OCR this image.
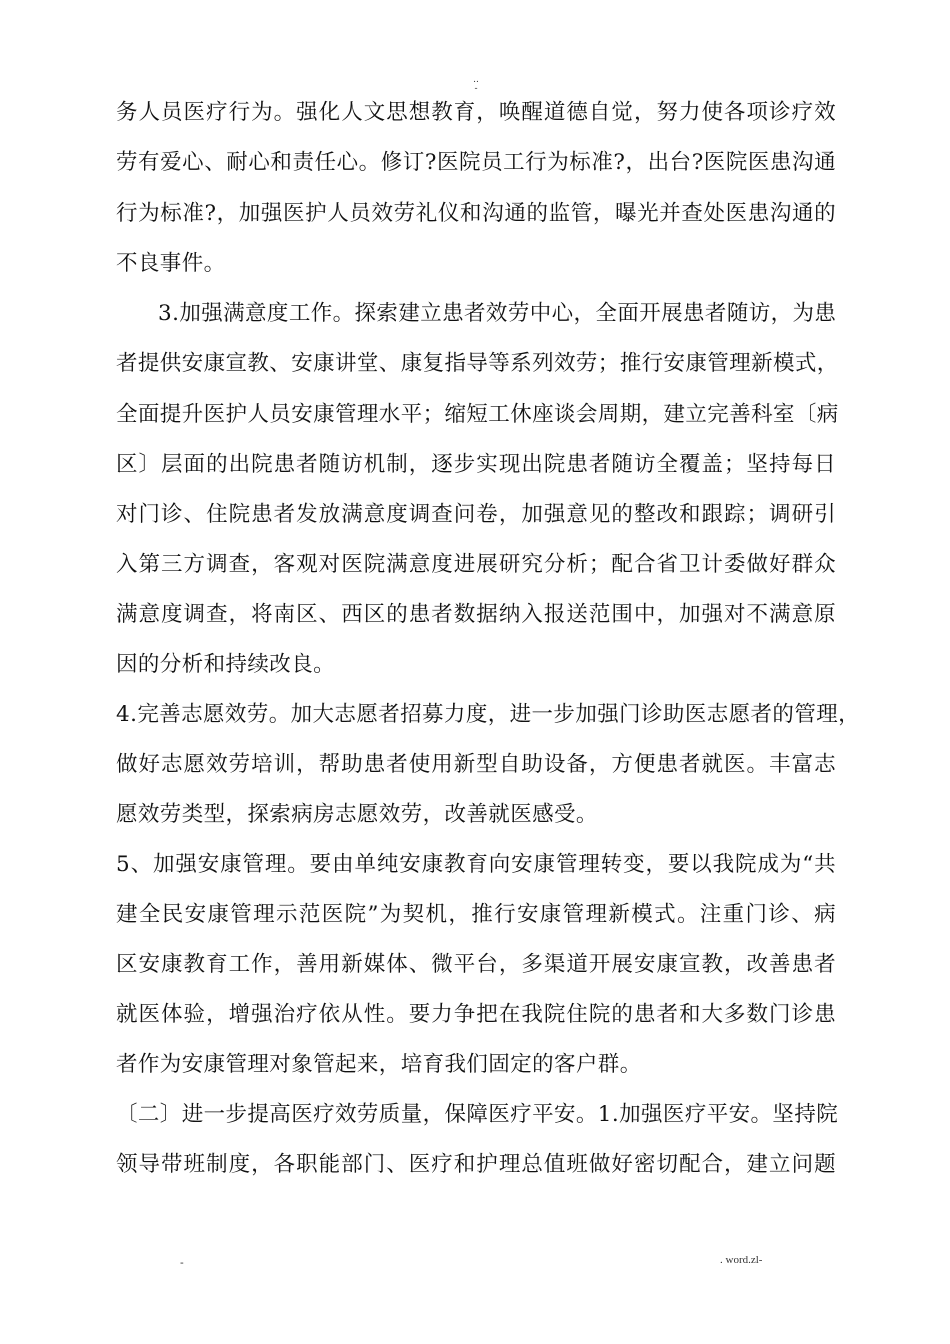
..
-
务人员医疗行为。强化人文思想教育，唤醒道德自觉，努力使各项诊疗效
劳有爱心、耐心和责任心。修订?医院员工行为标准?，出台?医院医患沟通
行为标准?，加强医护人员效劳礼仪和沟通的监管，曝光并查处医患沟通的
不良事件。
3.加强满意度工作。探索建立患者效劳中心，全面开展患者随访，为患
者提供安康宣教、安康讲堂、康复指导等系列效劳；推行安康管理新模式，
全面提升医护人员安康管理水平；缩短工休座谈会周期，建立完善科室〔病
区〕层面的出院患者随访机制，逐步实现出院患者随访全覆盖；坚持每日
对门诊、住院患者发放满意度调查问卷，加强意见的整改和跟踪；调研引
入第三方调查，客观对医院满意度进展研究分析；配合省卫计委做好群众
满意度调查，将南区、西区的患者数据纳入报送范围中，加强对不满意原
因的分析和持续改良。
4.完善志愿效劳。加大志愿者招募力度，进一步加强门诊助医志愿者的管理，
做好志愿效劳培训，帮助患者使用新型自助设备，方便患者就医。丰富志
愿效劳类型，探索病房志愿效劳，改善就医感受。
5、加强安康管理。要由单纯安康教育向安康管理转变，要以我院成为“共
建全民安康管理示范医院”为契机，推行安康管理新模式。注重门诊、病
区安康教育工作，善用新媒体、微平台，多渠道开展安康宣教，改善患者
就医体验，增强治疗依从性。要力争把在我院住院的患者和大多数门诊患
者作为安康管理对象管起来，培育我们固定的客户群。
〔二〕进一步提高医疗效劳质量，保障医疗平安。1.加强医疗平安。坚持院
领导带班制度，各职能部门、医疗和护理总值班做好密切配合，建立问题
-	. word.zl-
